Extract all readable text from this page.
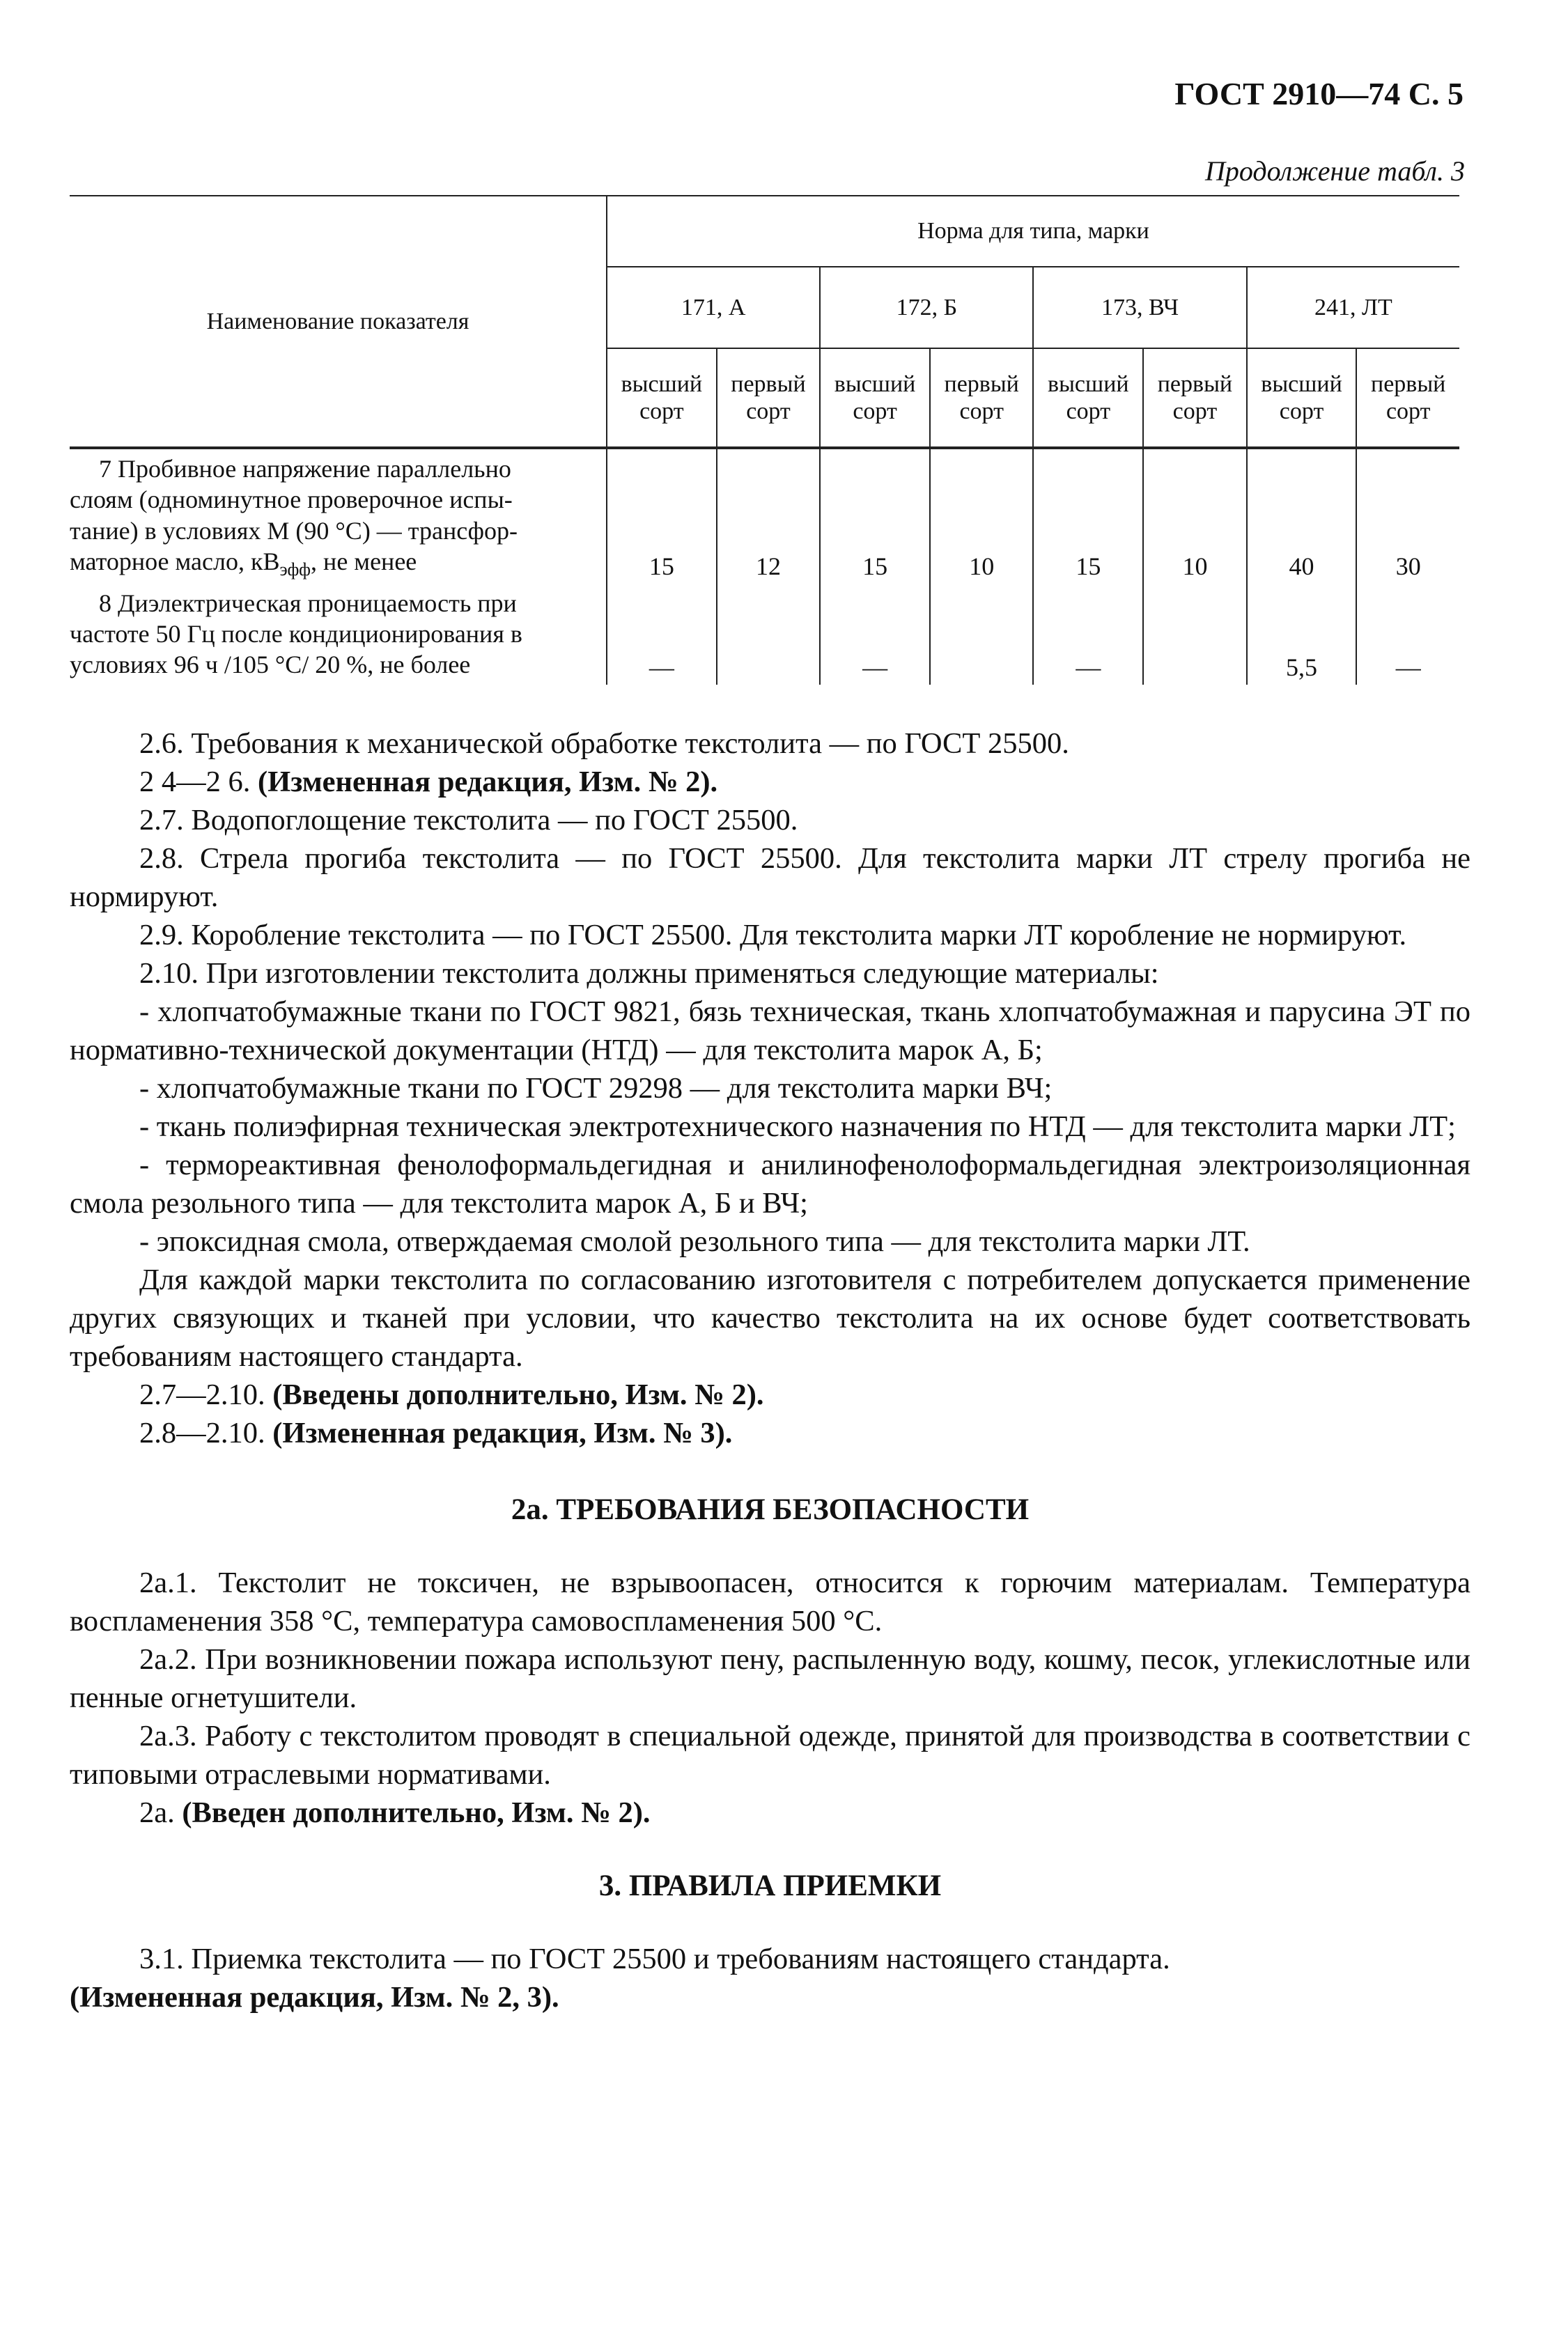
ГОСТ 2910—74 С. 5
Продолжение табл. 3
Наименование показателя	Норма для типа, марки							
	171, А		172, Б		173, ВЧ		241, ЛТ	
	высший сорт	первый сорт	высший сорт	первый сорт	высший сорт	первый сорт	высший сорт	первый сорт

7 Пробивное напряжение параллельно
слоям (одноминутное проверочное испы-
тание) в условиях М (90 °С) — трансфор-
маторное масло, $кВ_{эфф}$, не менее	15	12	15	10	15	10	40	30

8 Диэлектрическая проницаемость при
частоте 50 Гц после кондиционирования в
условиях 96 ч /105 °С/ 20 %, не более	—		—		—		5,5	—

2.6. Требования к механической обработке текстолита — по ГОСТ 25500.

2 4—2 6. (Измененная редакция, Изм. № 2).

2.7. Водопоглощение текстолита — по ГОСТ 25500.

2.8. Стрела прогиба текстолита — по ГОСТ 25500. Для текстолита марки ЛТ стрелу прогиба не нормируют.

2.9. Коробление текстолита — по ГОСТ 25500. Для текстолита марки ЛТ коробление не нормируют.

2.10. При изготовлении текстолита должны применяться следующие материалы:

- хлопчатобумажные ткани по ГОСТ 9821, бязь техническая, ткань хлопчатобумажная и парусина ЭТ по нормативно-технической документации (НТД) — для текстолита марок А, Б;

- хлопчатобумажные ткани по ГОСТ 29298 — для текстолита марки ВЧ;

- ткань полиэфирная техническая электротехнического назначения по НТД — для текстолита марки ЛТ;

- термореактивная фенолоформальдегидная и анилинофенолоформальдегидная электроизоляционная смола резольного типа — для текстолита марок А, Б и ВЧ;

- эпоксидная смола, отверждаемая смолой резольного типа — для текстолита марки ЛТ.

Для каждой марки текстолита по согласованию изготовителя с потребителем допускается применение других связующих и тканей при условии, что качество текстолита на их основе будет соответствовать требованиям настоящего стандарта.

2.7—2.10. (Введены дополнительно, Изм. № 2).

2.8—2.10. (Измененная редакция, Изм. № 3).

2а. ТРЕБОВАНИЯ БЕЗОПАСНОСТИ

2а.1. Текстолит не токсичен, не взрывоопасен, относится к горючим материалам. Температура воспламенения 358 °С, температура самовоспламенения 500 °С.

2а.2. При возникновении пожара используют пену, распыленную воду, кошму, песок, углекислотные или пенные огнетушители.

2а.3. Работу с текстолитом проводят в специальной одежде, принятой для производства в соответствии с типовыми отраслевыми нормативами.

2а. (Введен дополнительно, Изм. № 2).

3. ПРАВИЛА ПРИЕМКИ

3.1. Приемка текстолита — по ГОСТ 25500 и требованиям настоящего стандарта.

(Измененная редакция, Изм. № 2, 3).
